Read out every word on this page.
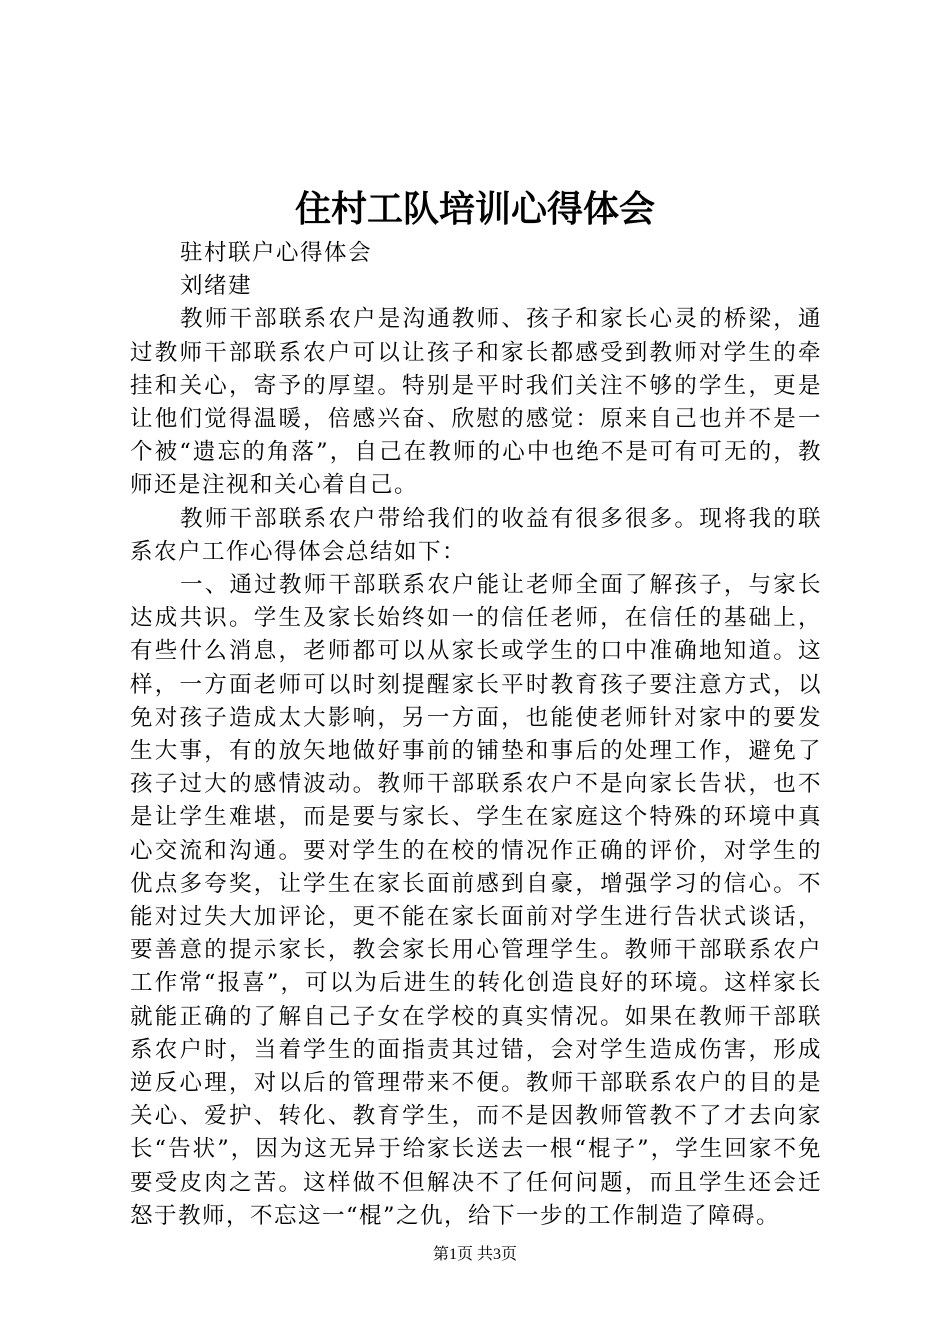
住村工队培训心得体会
驻村联户心得体会
刘绪建

教师干部联系农户是沟通教师、孩子和家长心灵的桥梁，通过教师干部联系农户可以让孩子和家长都感受到教师对学生的牵挂和关心，寄予的厚望。特别是平时我们关注不够的学生，更是让他们觉得温暖，倍感兴奋、欣慰的感觉：原来自己也并不是一个被“遗忘的角落”，自己在教师的心中也绝不是可有可无的，教师还是注视和关心着自己。

教师干部联系农户带给我们的收益有很多很多。现将我的联系农户工作心得体会总结如下：

一、通过教师干部联系农户能让老师全面了解孩子，与家长达成共识。学生及家长始终如一的信任老师，在信任的基础上，有些什么消息，老师都可以从家长或学生的口中准确地知道。这样，一方面老师可以时刻提醒家长平时教育孩子要注意方式，以免对孩子造成太大影响，另一方面，也能使老师针对家中的要发生大事，有的放矢地做好事前的铺垫和事后的处理工作，避免了孩子过大的感情波动。教师干部联系农户不是向家长告状，也不是让学生难堪，而是要与家长、学生在家庭这个特殊的环境中真心交流和沟通。要对学生的在校的情况作正确的评价，对学生的优点多夸奖，让学生在家长面前感到自豪，增强学习的信心。不能对过失大加评论，更不能在家长面前对学生进行告状式谈话，要善意的提示家长，教会家长用心管理学生。教师干部联系农户工作常“报喜”，可以为后进生的转化创造良好的环境。这样家长就能正确的了解自己子女在学校的真实情况。如果在教师干部联系农户时，当着学生的面指责其过错，会对学生造成伤害，形成逆反心理，对以后的管理带来不便。教师干部联系农户的目的是关心、爱护、转化、教育学生，而不是因教师管教不了才去向家长“告状”，因为这无异于给家长送去一根“棍子”，学生回家不免要受皮肉之苦。这样做不但解决不了任何问题，而且学生还会迁怒于教师，不忘这一“棍”之仇，给下一步的工作制造了障碍。

第1页 共3页
